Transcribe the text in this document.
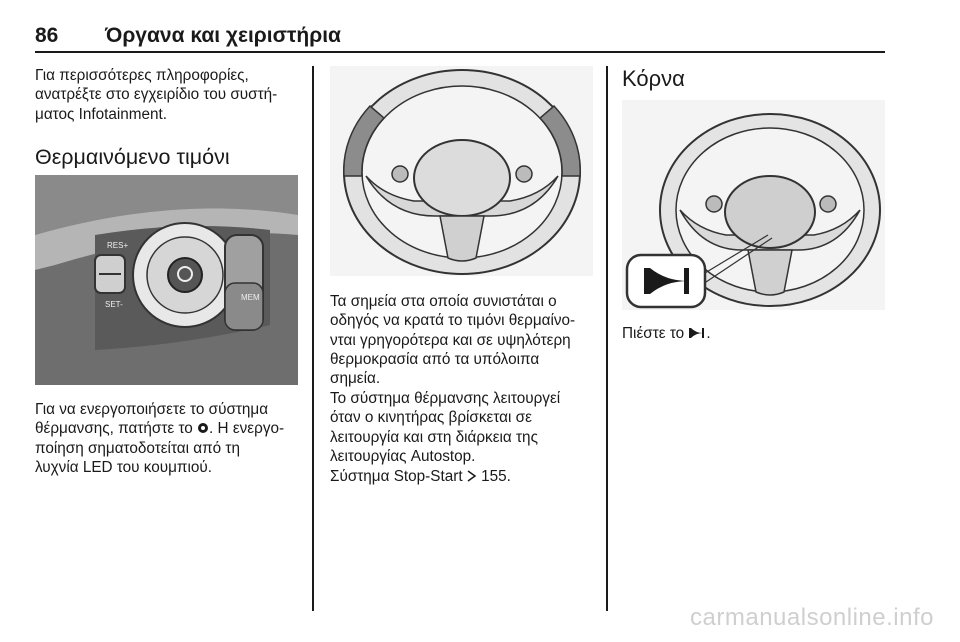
86 Όργανα και χειριστήρια

Για περισσότερες πληροφορίες,

ανατρέξτε στο εγχειρίδιο του συστή-

ματος Infotainment.

Θερμαινόμενο τιμόνι
RES+
SET-
MEM

Για να ενεργοποιήσετε το σύστημα

θέρμανσης, πατήστε το . Η ενεργο-

ποίηση σηματοδοτείται από τη

λυχνία LED του κουμπιού.

Τα σημεία στα οποία συνιστάται ο

οδηγός να κρατά το τιμόνι θερμαίνο-

νται γρηγορότερα και σε υψηλότερη

θερμοκρασία από τα υπόλοιπα

σημεία.

Το σύστημα θέρμανσης λειτουργεί

όταν ο κινητήρας βρίσκεται σε

λειτουργία και στη διάρκεια της

λειτουργίας Autostop.

Σύστημα Stop-Start 155.

Κόρνα

Πιέστε το .

carmanualsonline.info
